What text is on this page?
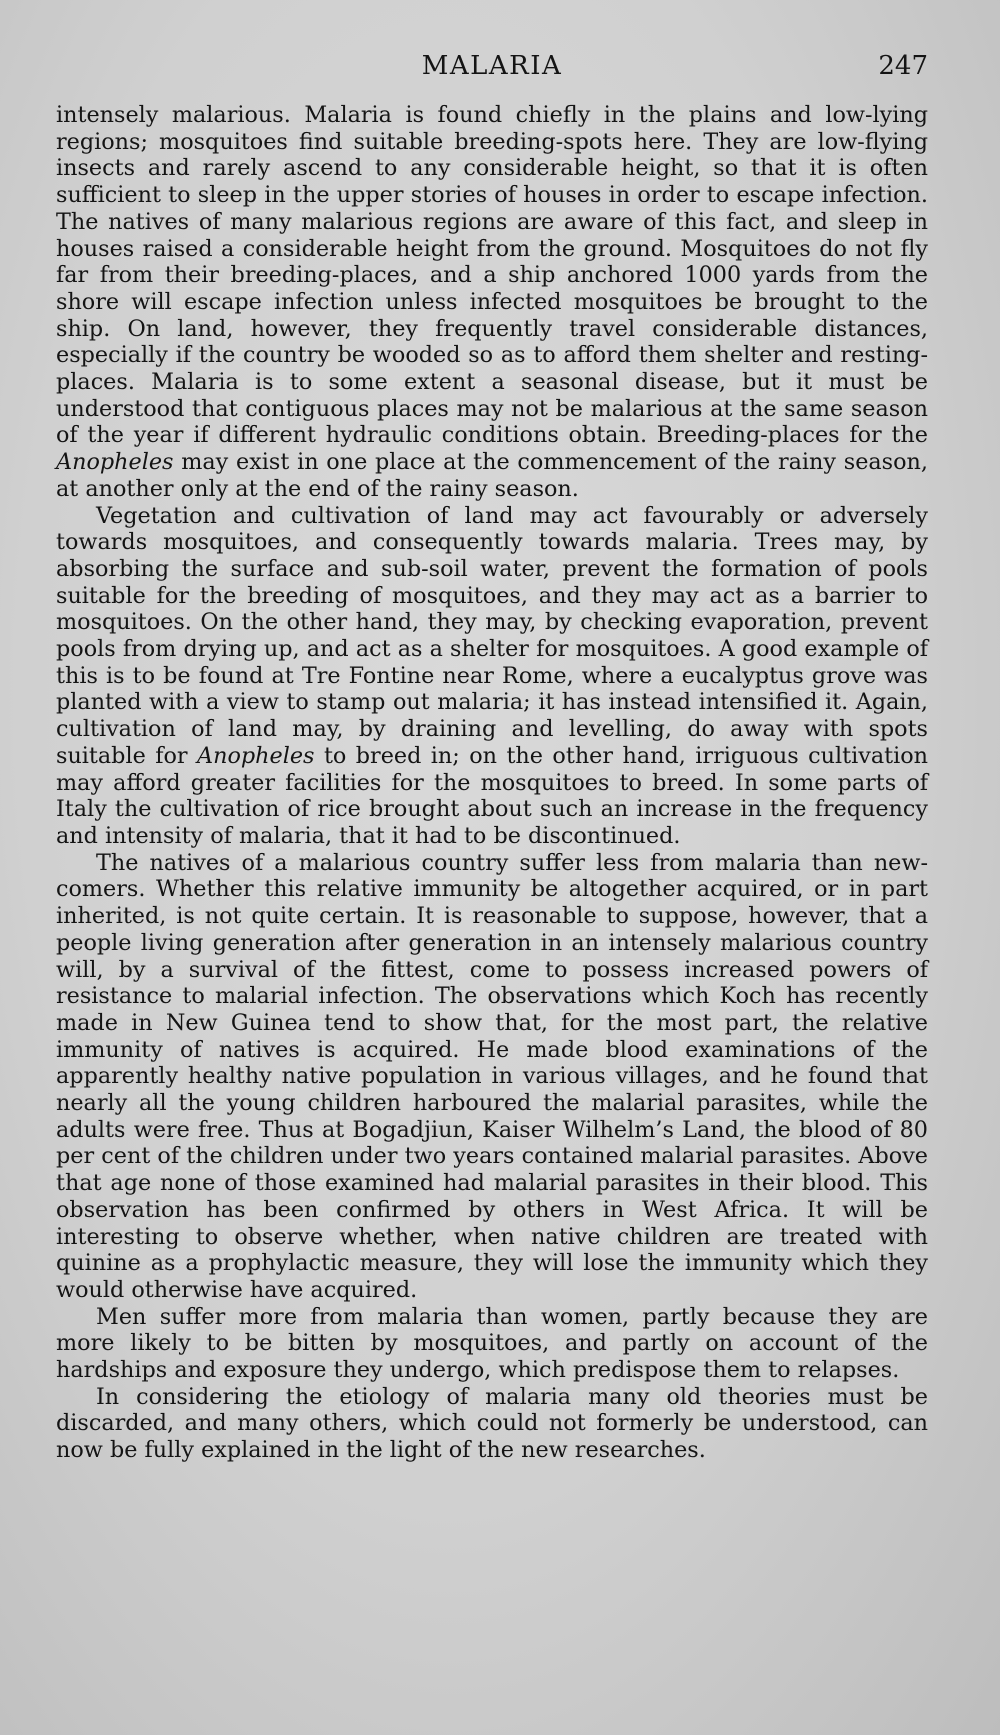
MALARIA	247

intensely malarious. Malaria is found chiefly in the plains and low-lying regions; mosquitoes find suitable breeding-spots here. They are low-flying insects and rarely ascend to any considerable height, so that it is often sufficient to sleep in the upper stories of houses in order to escape infection. The natives of many malarious regions are aware of this fact, and sleep in houses raised a considerable height from the ground. Mosquitoes do not fly far from their breeding-places, and a ship anchored 1000 yards from the shore will escape infection unless infected mosquitoes be brought to the ship. On land, however, they frequently travel considerable distances, especially if the country be wooded so as to afford them shelter and resting-places. Malaria is to some extent a seasonal disease, but it must be understood that contiguous places may not be malarious at the same season of the year if different hydraulic conditions obtain. Breeding-places for the Anopheles may exist in one place at the commencement of the rainy season, at another only at the end of the rainy season.

Vegetation and cultivation of land may act favourably or adversely towards mosquitoes, and consequently towards malaria. Trees may, by absorbing the surface and sub-soil water, prevent the formation of pools suitable for the breeding of mosquitoes, and they may act as a barrier to mosquitoes. On the other hand, they may, by checking evaporation, prevent pools from drying up, and act as a shelter for mosquitoes. A good example of this is to be found at Tre Fontine near Rome, where a eucalyptus grove was planted with a view to stamp out malaria; it has instead intensified it. Again, cultivation of land may, by draining and levelling, do away with spots suitable for Anopheles to breed in; on the other hand, irriguous cultivation may afford greater facilities for the mosquitoes to breed. In some parts of Italy the cultivation of rice brought about such an increase in the frequency and intensity of malaria, that it had to be discontinued.

The natives of a malarious country suffer less from malaria than new-comers. Whether this relative immunity be altogether acquired, or in part inherited, is not quite certain. It is reasonable to suppose, however, that a people living generation after generation in an intensely malarious country will, by a survival of the fittest, come to possess increased powers of resistance to malarial infection. The observations which Koch has recently made in New Guinea tend to show that, for the most part, the relative immunity of natives is acquired. He made blood examinations of the apparently healthy native population in various villages, and he found that nearly all the young children harboured the malarial parasites, while the adults were free. Thus at Bogadjiun, Kaiser Wilhelm’s Land, the blood of 80 per cent of the children under two years contained malarial parasites. Above that age none of those examined had malarial parasites in their blood. This observation has been confirmed by others in West Africa. It will be interesting to observe whether, when native children are treated with quinine as a prophylactic measure, they will lose the immunity which they would otherwise have acquired.

Men suffer more from malaria than women, partly because they are more likely to be bitten by mosquitoes, and partly on account of the hardships and exposure they undergo, which predispose them to relapses.

In considering the etiology of malaria many old theories must be discarded, and many others, which could not formerly be understood, can now be fully explained in the light of the new researches.
